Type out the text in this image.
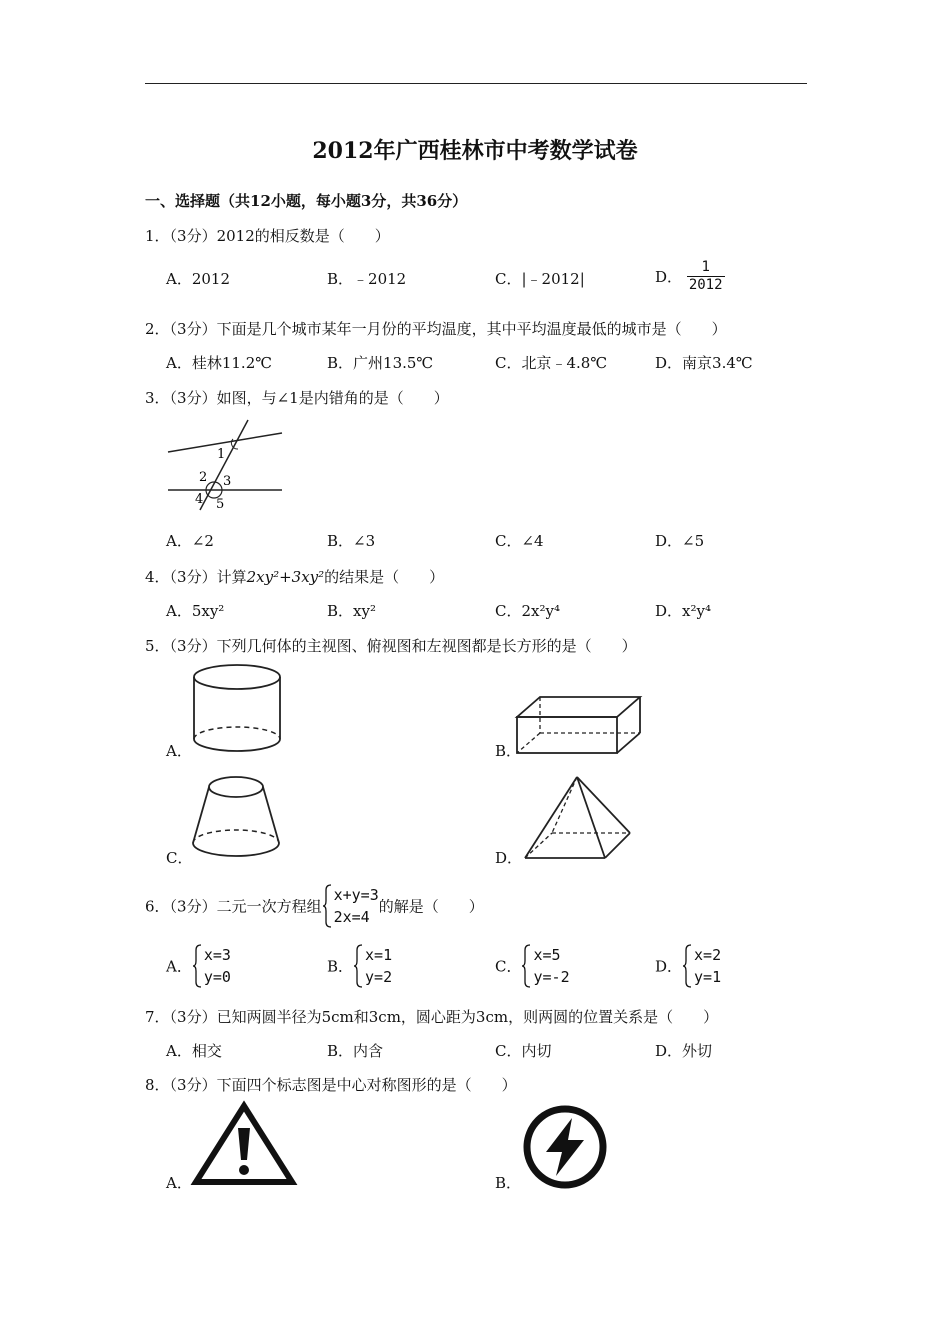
2012年广西桂林市中考数学试卷
一、选择题（共12小题，每小题3分，共36分）
1．（3分）2012的相反数是（　　）
A．2012	B．﹣2012	C．|﹣2012|	D． $\frac{1}{2012}$
2．（3分）下面是几个城市某年一月份的平均温度，其中平均温度最低的城市是（　　）
A．桂林11.2℃	B．广州13.5℃	C．北京﹣4.8℃	D．南京3.4℃
3．（3分）如图，与∠1是内错角的是（　　）
1
2 3
4 5
A．∠2	B．∠3	C．∠4	D．∠5
4．（3分）计算2xy²+3xy²的结果是（　　）
A．5xy²	B．xy²	C．2x²y⁴	D．x²y⁴
5．（3分）下列几何体的主视图、俯视图和左视图都是长方形的是（　　）
A．	B．
C．	D．
6．（3分）二元一次方程组
x+y=3
2x=4
的解是（　　）
A．
x=3
y=0
B．
x=1
y=2
C．
x=5
y=-2
D．
x=2
y=1
7．（3分）已知两圆半径为5cm和3cm，圆心距为3cm，则两圆的位置关系是（　　）
A．相交	B．内含	C．内切	D．外切
8．（3分）下面四个标志图是中心对称图形的是（　　）
A．	B．
